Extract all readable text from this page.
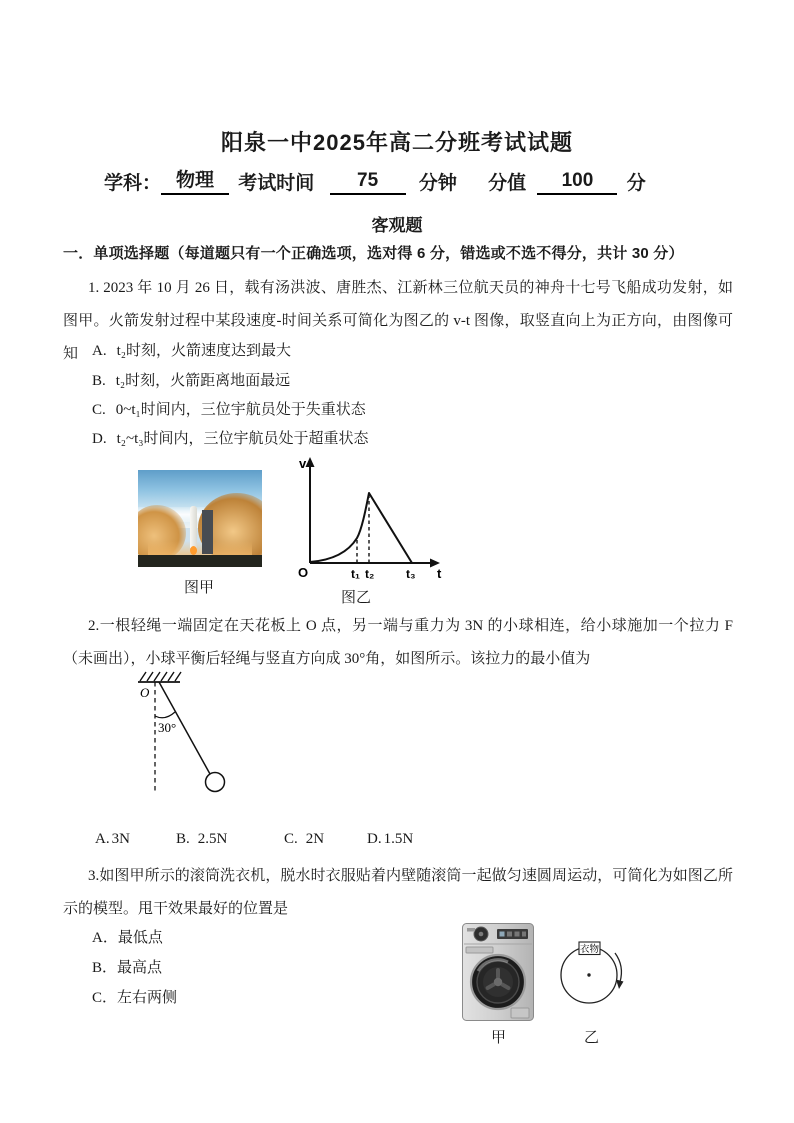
阳泉一中2025年高二分班考试试题
学科： 物理 考试时间 75 分钟 分值 100 分
客观题
一．单项选择题（每道题只有一个正确选项，选对得 6 分，错选或不选不得分，共计 30 分）
1. 2023 年 10 月 26 日，载有汤洪波、唐胜杰、江新林三位航天员的神舟十七号飞船成功发射，如图甲。火箭发射过程中某段速度-时间关系可简化为图乙的 v-t 图像，取竖直向上为正方向，由图像可知 A. t₂时刻，火箭速度达到最大
B. t₂时刻，火箭距离地面最远
C. 0~t₁时间内，三位宇航员处于失重状态
D. t₂~t₃时间内，三位宇航员处于超重状态
图甲
v
O	t₁ t₂	t₃ t
图乙
2.一根轻绳一端固定在天花板上 O 点，另一端与重力为 3N 的小球相连，给小球施加一个拉力 F（未画出），小球平衡后轻绳与竖直方向成 30°角，如图所示。该拉力的最小值为
O
30°
A. 3N	B. 2.5N	C. 2N	D. 1.5N
3.如图甲所示的滚筒洗衣机，脱水时衣服贴着内壁随滚筒一起做匀速圆周运动，可简化为如图乙所示的模型。甩干效果最好的位置是
A．最低点
B．最高点
C．左右两侧
甲
衣物
乙
